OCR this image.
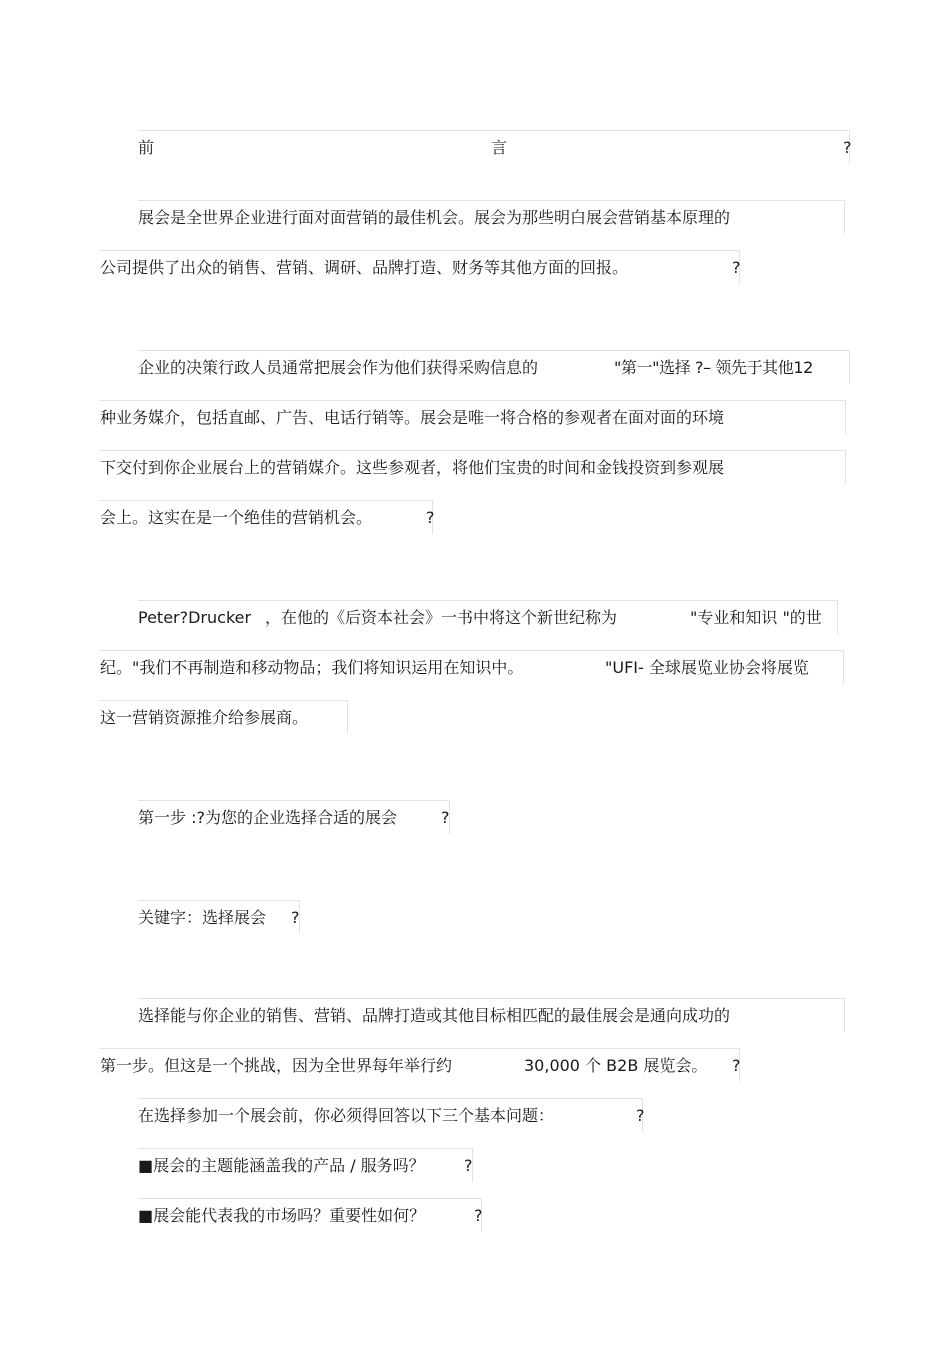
前	言	?
展会是全世界企业进行面对面营销的最佳机会。展会为那些明白展会营销基本原理的
公司提供了出众的销售、营销、调研、品牌打造、财务等其他方面的回报。	?
企业的决策行政人员通常把展会作为他们获得采购信息的	"第一"选择 ?– 领先于其他12
种业务媒介，包括直邮、广告、电话行销等。展会是唯一将合格的参观者在面对面的环境
下交付到你企业展台上的营销媒介。这些参观者，将他们宝贵的时间和金钱投资到参观展
会上。这实在是一个绝佳的营销机会。	?
Peter?Drucker ，在他的《后资本社会》一书中将这个新世纪称为	"专业和知识 "的世
纪。"我们不再制造和移动物品；我们将知识运用在知识中。	"UFI- 全球展览业协会将展览
这一营销资源推介给参展商。
第一步 :?为您的企业选择合适的展会	?
关键字：选择展会 ?
选择能与你企业的销售、营销、品牌打造或其他目标相匹配的最佳展会是通向成功的
第一步。但这是一个挑战，因为全世界每年举行约	30,000 个 B2B 展览会。 ?
在选择参加一个展会前，你必须得回答以下三个基本问题：	?
■展会的主题能涵盖我的产品 / 服务吗？ ?
■展会能代表我的市场吗？重要性如何？	?
